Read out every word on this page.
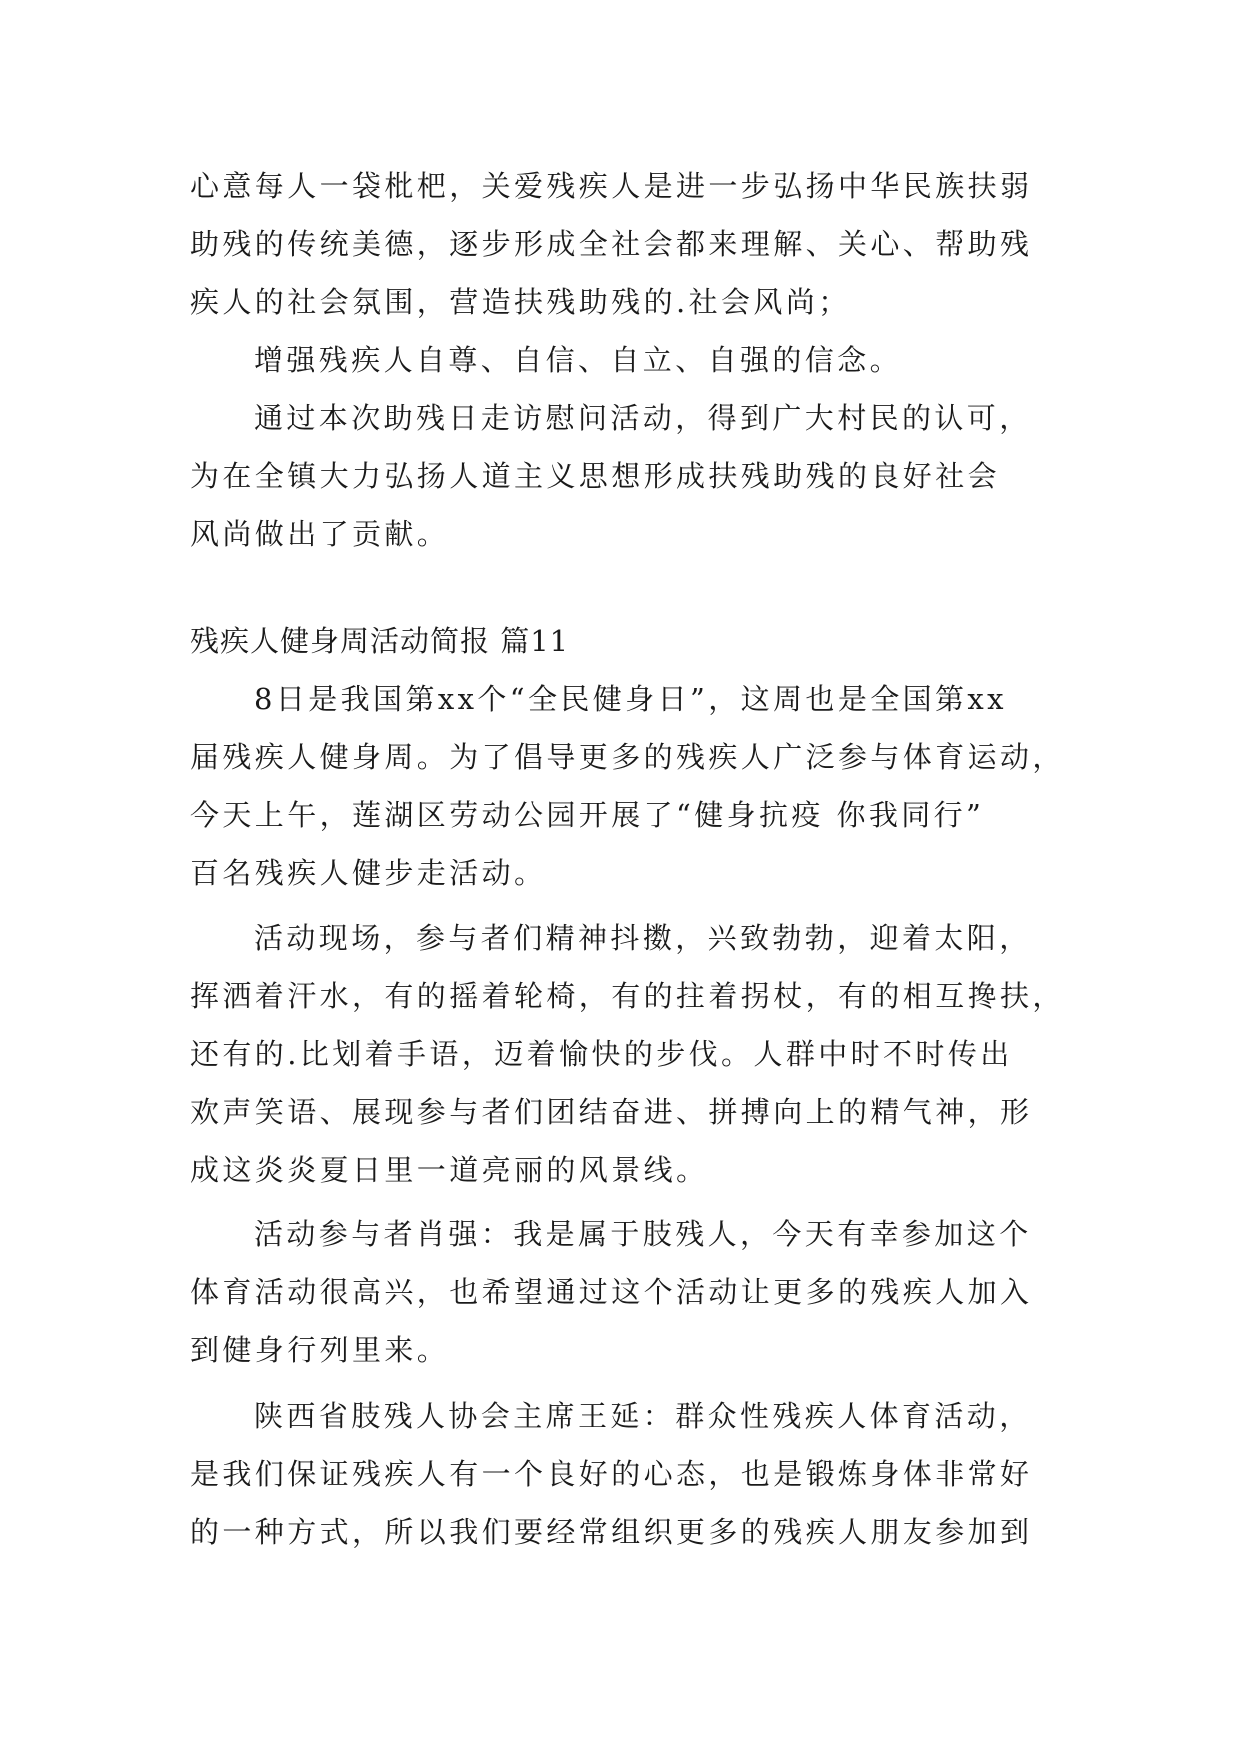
心意每人一袋枇杷，关爱残疾人是进一步弘扬中华民族扶弱
助残的传统美德，逐步形成全社会都来理解、关心、帮助残
疾人的社会氛围，营造扶残助残的.社会风尚；
增强残疾人自尊、自信、自立、自强的信念。
通过本次助残日走访慰问活动，得到广大村民的认可，
为在全镇大力弘扬人道主义思想形成扶残助残的良好社会
风尚做出了贡献。
残疾人健身周活动简报 篇11
8日是我国第xx个“全民健身日”，这周也是全国第xx
届残疾人健身周。为了倡导更多的残疾人广泛参与体育运动，
今天上午，莲湖区劳动公园开展了“健身抗疫 你我同行”
百名残疾人健步走活动。
活动现场，参与者们精神抖擞，兴致勃勃，迎着太阳，
挥洒着汗水，有的摇着轮椅，有的拄着拐杖，有的相互搀扶，
还有的.比划着手语，迈着愉快的步伐。人群中时不时传出
欢声笑语、展现参与者们团结奋进、拼搏向上的精气神，形
成这炎炎夏日里一道亮丽的风景线。
活动参与者肖强：我是属于肢残人，今天有幸参加这个
体育活动很高兴，也希望通过这个活动让更多的残疾人加入
到健身行列里来。
陕西省肢残人协会主席王延：群众性残疾人体育活动，
是我们保证残疾人有一个良好的心态，也是锻炼身体非常好
的一种方式，所以我们要经常组织更多的残疾人朋友参加到
